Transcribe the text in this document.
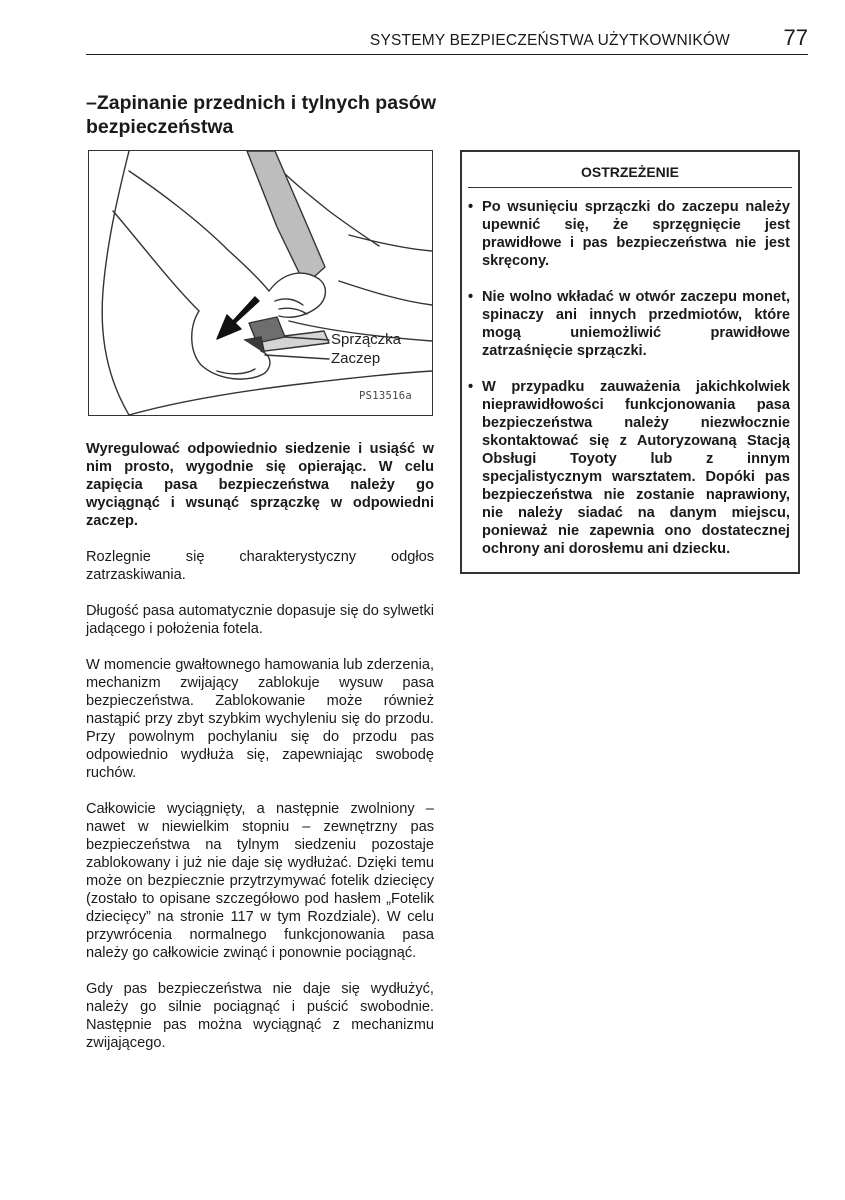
SYSTEMY BEZPIECZEŃSTWA UŻYTKOWNIKÓW 77
–Zapinanie przednich i tylnych pasów bezpieczeństwa
Sprzączka
Zaczep
PS13516a

Wyregulować odpowiednio siedzenie i usiąść w nim prosto, wygodnie się opierając. W celu zapięcia pasa bezpieczeństwa należy go wyciągnąć i wsunąć sprzączkę w odpowiedni zaczep.

Rozlegnie się charakterystyczny odgłos zatrzaskiwania.

Długość pasa automatycznie dopasuje się do sylwetki jadącego i położenia fotela.

W momencie gwałtownego hamowania lub zderzenia, mechanizm zwijający zablokuje wysuw pasa bezpieczeństwa. Zablokowanie może również nastąpić przy zbyt szybkim wychyleniu się do przodu. Przy powolnym pochylaniu się do przodu pas odpowiednio wydłuża się, zapewniając swobodę ruchów.

Całkowicie wyciągnięty, a następnie zwolniony – nawet w niewielkim stopniu – zewnętrzny pas bezpieczeństwa na tylnym siedzeniu pozostaje zablokowany i już nie daje się wydłużać. Dzięki temu może on bezpiecznie przytrzymywać fotelik dziecięcy (zostało to opisane szczegółowo pod hasłem „Fotelik dziecięcy” na stronie 117 w tym Rozdziale). W celu przywrócenia normalnego funkcjonowania pasa należy go całkowicie zwinąć i ponownie pociągnąć.

Gdy pas bezpieczeństwa nie daje się wydłużyć, należy go silnie pociągnąć i puścić swobodnie. Następnie pas można wyciągnąć z mechanizmu zwijającego.

OSTRZEŻENIE
• Po wsunięciu sprzączki do zaczepu należy upewnić się, że sprzęgnięcie jest prawidłowe i pas bezpieczeństwa nie jest skręcony.
• Nie wolno wkładać w otwór zaczepu monet, spinaczy ani innych przedmiotów, które mogą uniemożliwić prawidłowe zatrzaśnięcie sprzączki.
• W przypadku zauważenia jakichkolwiek nieprawidłowości funkcjonowania pasa bezpieczeństwa należy niezwłocznie skontaktować się z Autoryzowaną Stacją Obsługi Toyoty lub z innym specjalistycznym warsztatem. Dopóki pas bezpieczeństwa nie zostanie naprawiony, nie należy siadać na danym miejscu, ponieważ nie zapewnia ono dostatecznej ochrony ani dorosłemu ani dziecku.
